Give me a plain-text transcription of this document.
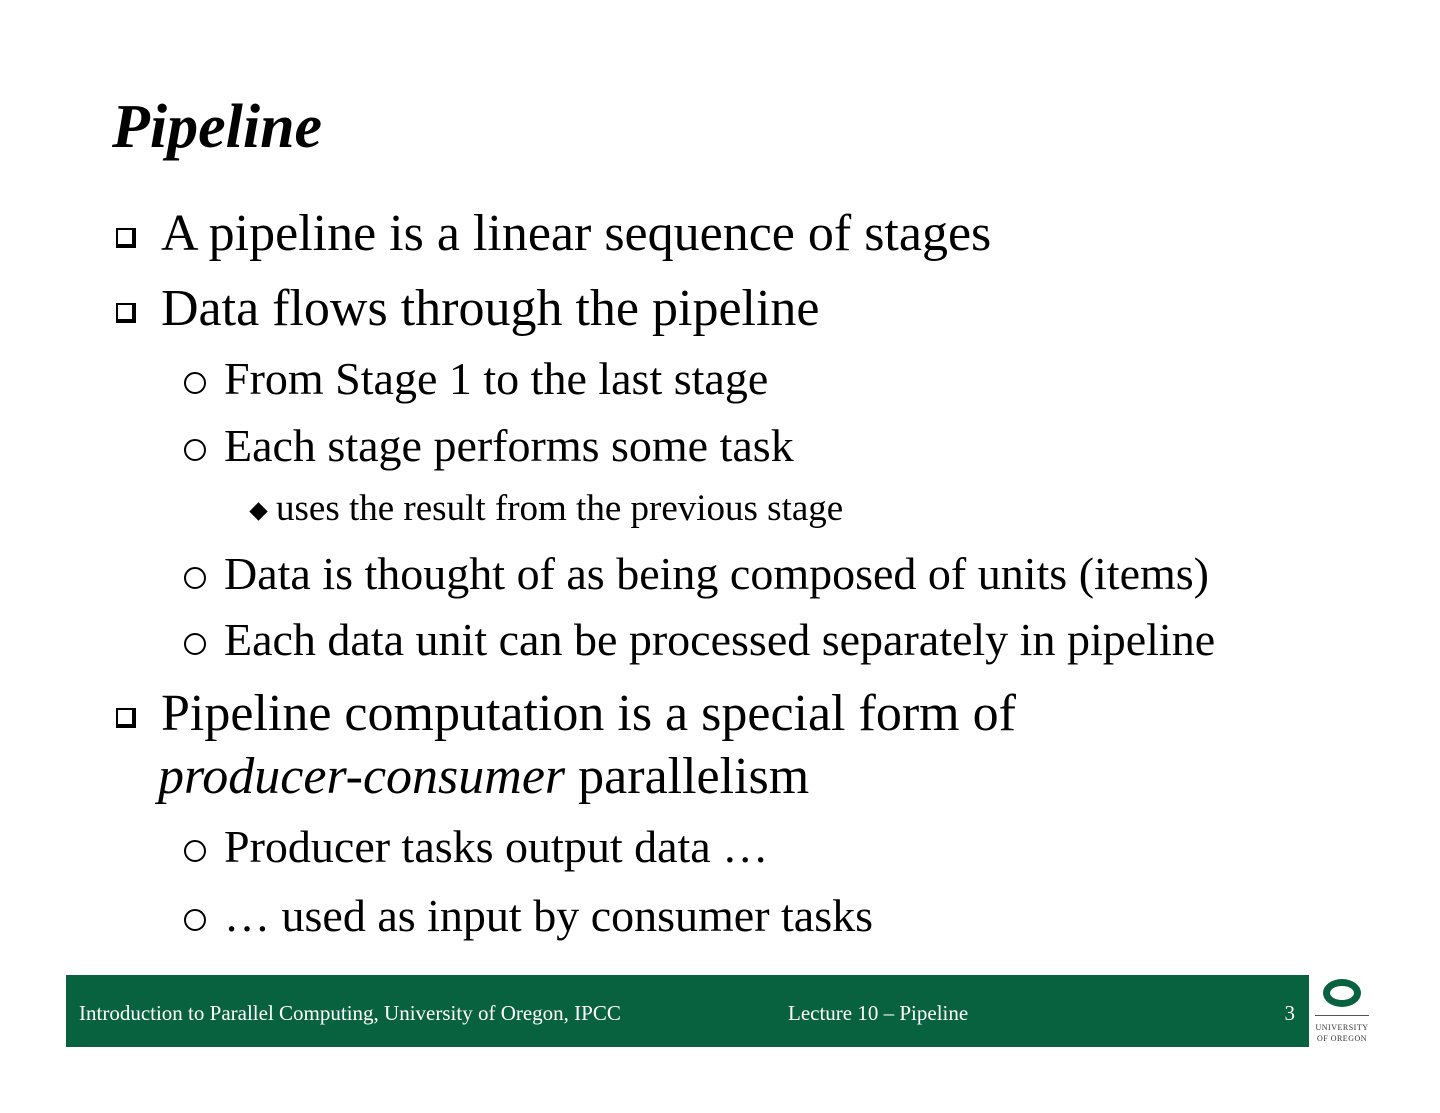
Pipeline
A pipeline is a linear sequence of stages
Data flows through the pipeline
From Stage 1 to the last stage
Each stage performs some task
uses the result from the previous stage
Data is thought of as being composed of units (items)
Each data unit can be processed separately in pipeline
Pipeline computation is a special form of
producer-consumer parallelism
Producer tasks output data …
… used as input by consumer tasks
Introduction to Parallel Computing, University of Oregon, IPCC	Lecture 10 – Pipeline	3
UNIVERSITY
OF OREGON
